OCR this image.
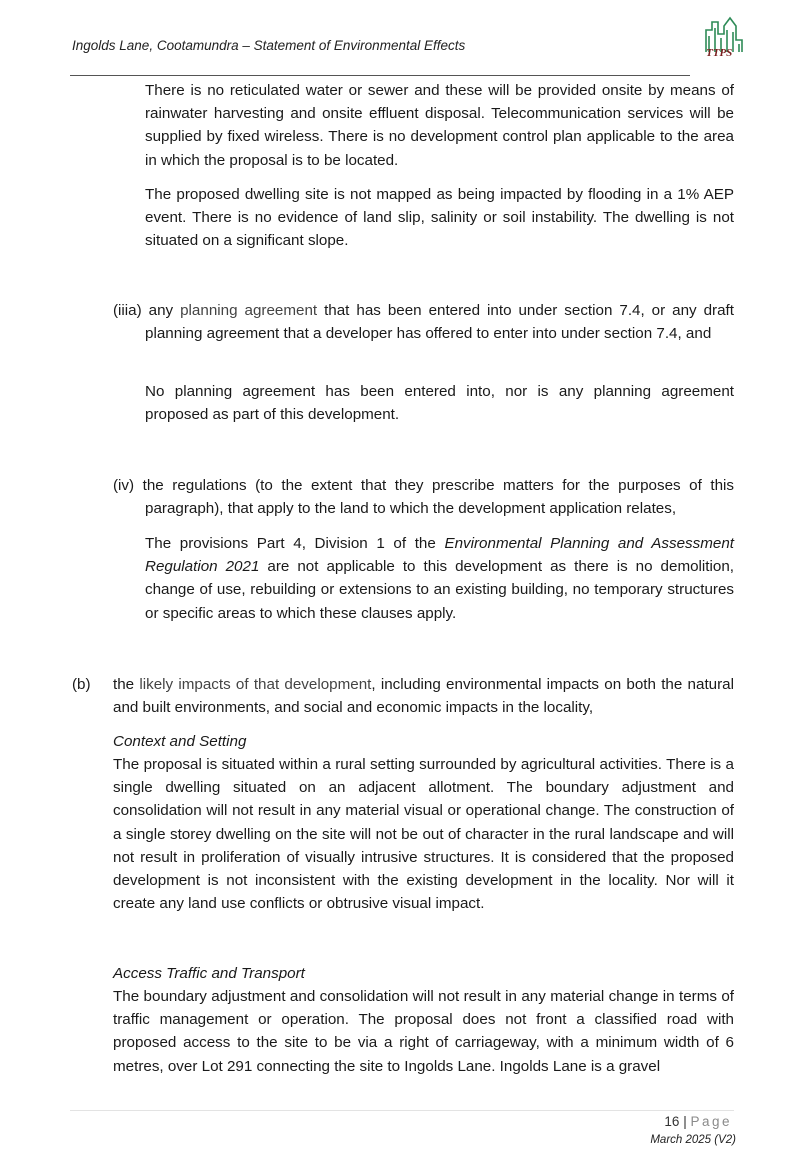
Ingolds Lane, Cootamundra – Statement of Environmental Effects	TTPS

There is no reticulated water or sewer and these will be provided onsite by means of rainwater harvesting and onsite effluent disposal. Telecommunication services will be supplied by fixed wireless. There is no development control plan applicable to the area in which the proposal is to be located.

The proposed dwelling site is not mapped as being impacted by flooding in a 1% AEP event. There is no evidence of land slip, salinity or soil instability. The dwelling is not situated on a significant slope.

(iiia) any planning agreement that has been entered into under section 7.4, or any draft planning agreement that a developer has offered to enter into under section 7.4, and

No planning agreement has been entered into, nor is any planning agreement proposed as part of this development.

(iv) the regulations (to the extent that they prescribe matters for the purposes of this paragraph), that apply to the land to which the development application relates,

The provisions Part 4, Division 1 of the Environmental Planning and Assessment Regulation 2021 are not applicable to this development as there is no demolition, change of use, rebuilding or extensions to an existing building, no temporary structures or specific areas to which these clauses apply.

(b) the likely impacts of that development, including environmental impacts on both the natural and built environments, and social and economic impacts in the locality,

Context and Setting

The proposal is situated within a rural setting surrounded by agricultural activities. There is a single dwelling situated on an adjacent allotment. The boundary adjustment and consolidation will not result in any material visual or operational change. The construction of a single storey dwelling on the site will not be out of character in the rural landscape and will not result in proliferation of visually intrusive structures. It is considered that the proposed development is not inconsistent with the existing development in the locality. Nor will it create any land use conflicts or obtrusive visual impact.

Access Traffic and Transport

The boundary adjustment and consolidation will not result in any material change in terms of traffic management or operation. The proposal does not front a classified road with proposed access to the site to be via a right of carriageway, with a minimum width of 6 metres, over Lot 291 connecting the site to Ingolds Lane. Ingolds Lane is a gravel

16 | Page
March 2025 (V2)
